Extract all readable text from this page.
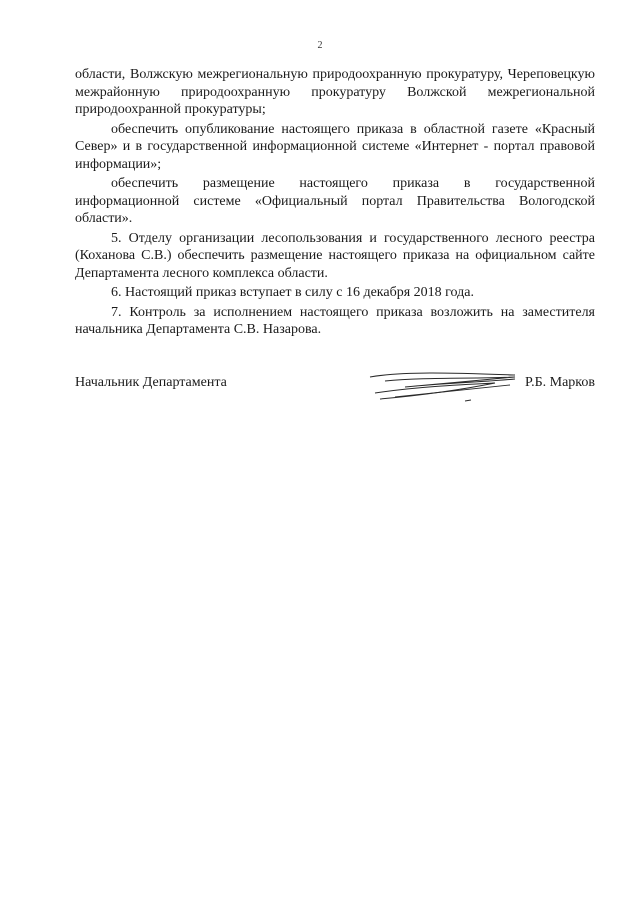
2

области, Волжскую межрегиональную природоохранную прокуратуру, Череповецкую межрайонную природоохранную прокуратуру Волжской межрегиональной природоохранной прокуратуры;

обеспечить опубликование настоящего приказа в областной газете «Красный Север» и в государственной информационной системе «Интернет - портал правовой информации»;

обеспечить размещение настоящего приказа в государственной информационной системе «Официальный портал Правительства Вологодской области».

5. Отделу организации лесопользования и государственного лесного реестра (Коханова С.В.) обеспечить размещение настоящего приказа на официальном сайте Департамента лесного комплекса области.

6. Настоящий приказ вступает в силу с 16 декабря 2018 года.

7. Контроль за исполнением настоящего приказа возложить на заместителя начальника Департамента С.В. Назарова.

Начальник Департамента	Р.Б. Марков
